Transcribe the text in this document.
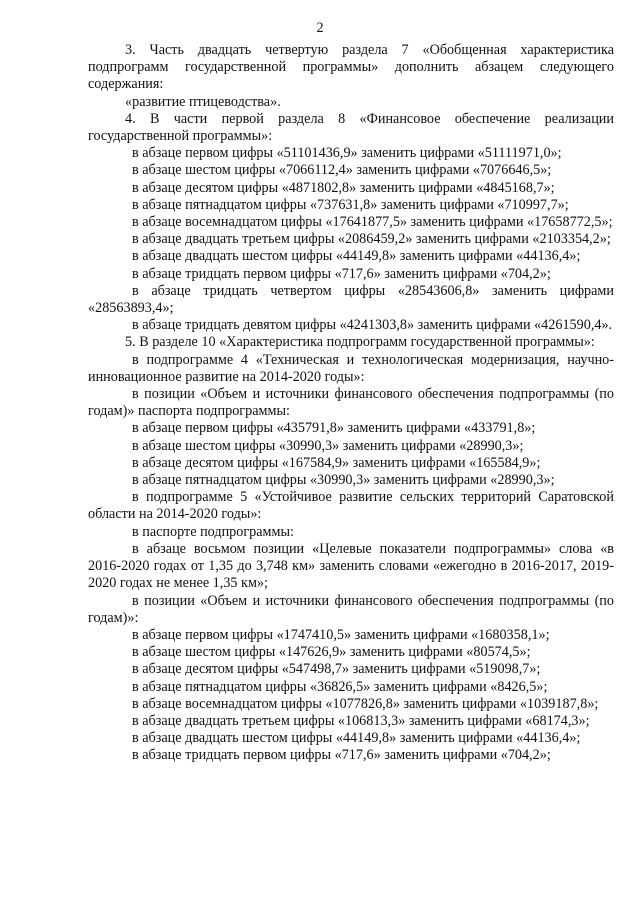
2

3. Часть двадцать четвертую раздела 7 «Обобщенная характеристика подпрограмм государственной программы» дополнить абзацем следующего содержания:

«развитие птицеводства».

4. В части первой раздела 8 «Финансовое обеспечение реализации государственной программы»:

в абзаце первом цифры «51101436,9» заменить цифрами «51111971,0»;

в абзаце шестом цифры «7066112,4» заменить цифрами «7076646,5»;

в абзаце десятом цифры «4871802,8» заменить цифрами «4845168,7»;

в абзаце пятнадцатом цифры «737631,8» заменить цифрами «710997,7»;

в абзаце восемнадцатом цифры «17641877,5» заменить цифрами «17658772,5»;

в абзаце двадцать третьем цифры «2086459,2» заменить цифрами «2103354,2»;

в абзаце двадцать шестом цифры «44149,8» заменить цифрами «44136,4»;

в абзаце тридцать первом цифры «717,6» заменить цифрами «704,2»;

в абзаце тридцать четвертом цифры «28543606,8» заменить цифрами «28563893,4»;

в абзаце тридцать девятом цифры «4241303,8» заменить цифрами «4261590,4».

5. В разделе 10 «Характеристика подпрограмм государственной программы»:

в подпрограмме 4 «Техническая и технологическая модернизация, научно-инновационное развитие на 2014-2020 годы»:

в позиции «Объем и источники финансового обеспечения подпрограммы (по годам)» паспорта подпрограммы:

в абзаце первом цифры «435791,8» заменить цифрами «433791,8»;

в абзаце шестом цифры «30990,3» заменить цифрами «28990,3»;

в абзаце десятом цифры «167584,9» заменить цифрами «165584,9»;

в абзаце пятнадцатом цифры «30990,3» заменить цифрами «28990,3»;

в подпрограмме 5 «Устойчивое развитие сельских территорий Саратовской области на 2014-2020 годы»:

в паспорте подпрограммы:

в абзаце восьмом позиции «Целевые показатели подпрограммы» слова «в 2016-2020 годах от 1,35 до 3,748 км» заменить словами «ежегодно в 2016-2017, 2019-2020 годах не менее 1,35 км»;

в позиции «Объем и источники финансового обеспечения подпрограммы (по годам)»:

в абзаце первом цифры «1747410,5» заменить цифрами «1680358,1»;

в абзаце шестом цифры «147626,9» заменить цифрами «80574,5»;

в абзаце десятом цифры «547498,7» заменить цифрами «519098,7»;

в абзаце пятнадцатом цифры «36826,5» заменить цифрами «8426,5»;

в абзаце восемнадцатом цифры «1077826,8» заменить цифрами «1039187,8»;

в абзаце двадцать третьем цифры «106813,3» заменить цифрами «68174,3»;

в абзаце двадцать шестом цифры «44149,8» заменить цифрами «44136,4»;

в абзаце тридцать первом цифры «717,6» заменить цифрами «704,2»;
